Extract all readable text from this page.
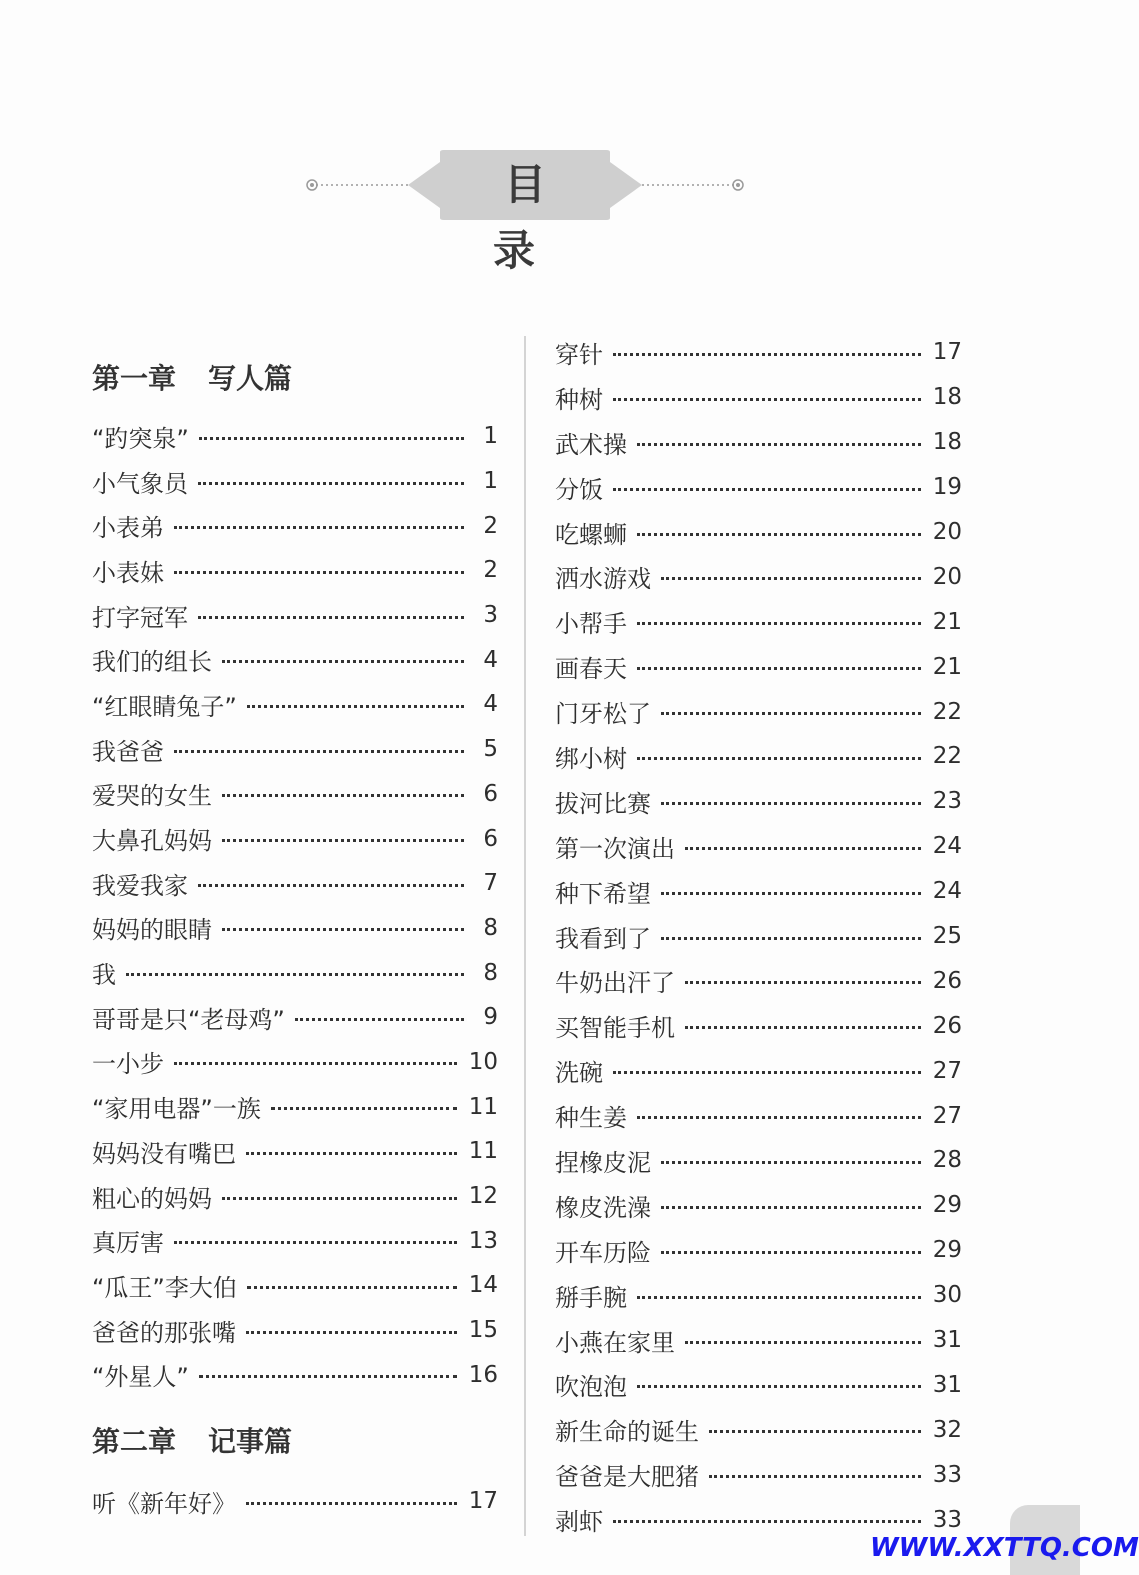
目 录
第一章 写人篇
“趵突泉”	1
小气象员	1
小表弟	2
小表妹	2
打字冠军	3
我们的组长	4
“红眼睛兔子”	4
我爸爸	5
爱哭的女生	6
大鼻孔妈妈	6
我爱我家	7
妈妈的眼睛	8
我	8
哥哥是只“老母鸡”	9
一小步	10
“家用电器”一族	11
妈妈没有嘴巴	11
粗心的妈妈	12
真厉害	13
“瓜王”李大伯	14
爸爸的那张嘴	15
“外星人”	16
第二章 记事篇
听《新年好》	17
穿针	17
种树	18
武术操	18
分饭	19
吃螺蛳	20
洒水游戏	20
小帮手	21
画春天	21
门牙松了	22
绑小树	22
拔河比赛	23
第一次演出	24
种下希望	24
我看到了	25
牛奶出汗了	26
买智能手机	26
洗碗	27
种生姜	27
捏橡皮泥	28
橡皮洗澡	29
开车历险	29
掰手腕	30
小燕在家里	31
吹泡泡	31
新生命的诞生	32
爸爸是大肥猪	33
剥虾	33
WWW.XXTTQ.COM
